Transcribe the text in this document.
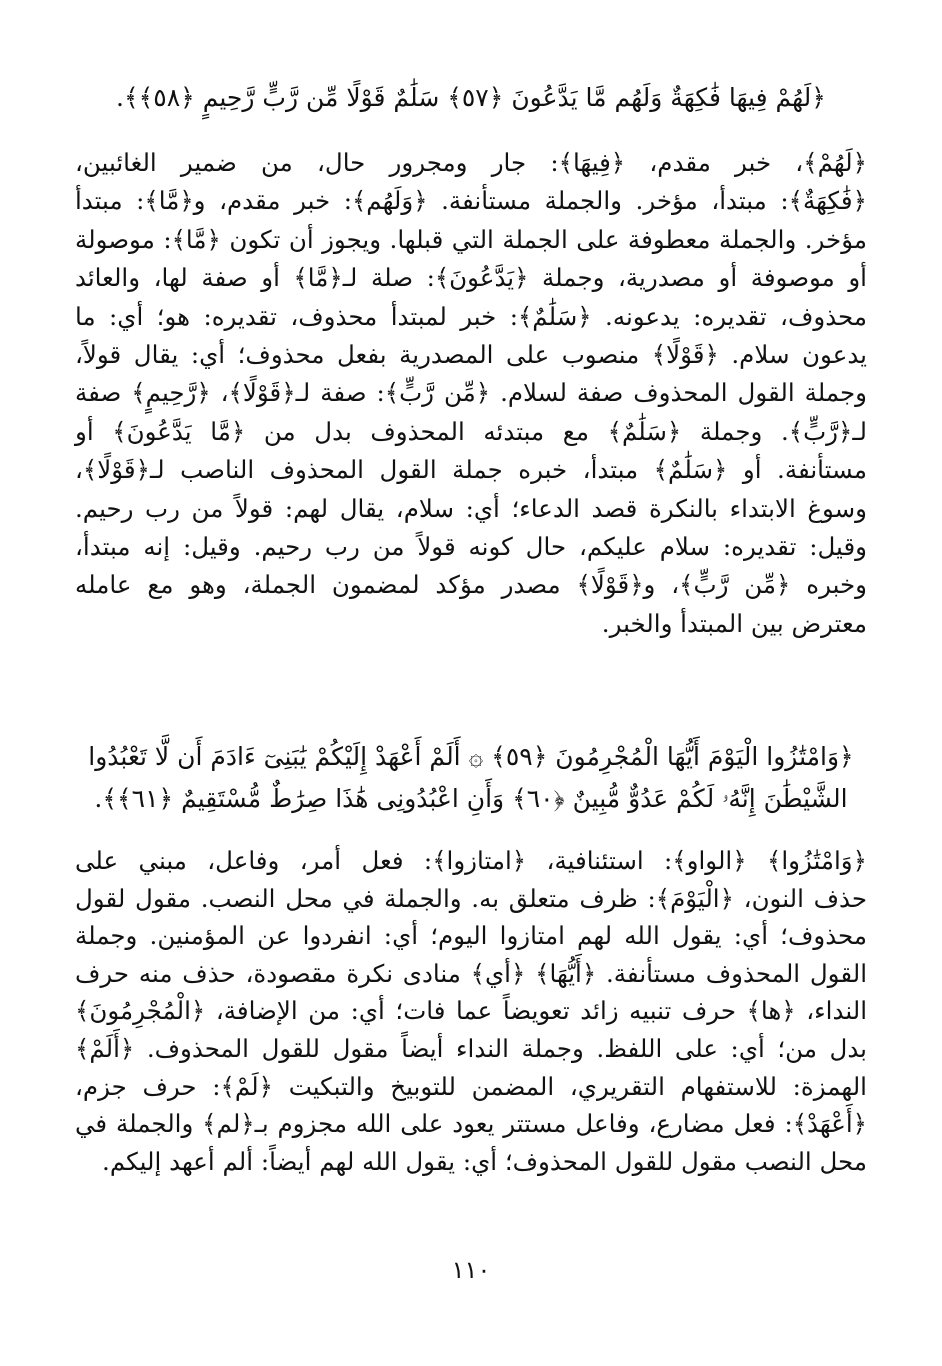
﴿لَهُمْ فِيهَا فَٰكِهَةٌ وَلَهُم مَّا يَدَّعُونَ ﴿٥٧﴾ سَلَٰمٌ قَوْلًا مِّن رَّبٍّ رَّحِيمٍ ﴿٥٨﴾﴾.
﴿لَهُمْ﴾، خبر مقدم، ﴿فِيهَا﴾: جار ومجرور حال، من ضمير الغائبين،
﴿فَٰكِهَةٌ﴾: مبتدأ، مؤخر. والجملة مستأنفة. ﴿وَلَهُم﴾: خبر مقدم، و﴿مَّا﴾: مبتدأ
مؤخر. والجملة معطوفة على الجملة التي قبلها. ويجوز أن تكون ﴿مَّا﴾: موصولة
أو موصوفة أو مصدرية، وجملة ﴿يَدَّعُونَ﴾: صلة لـ﴿مَّا﴾ أو صفة لها، والعائد
محذوف، تقديره: يدعونه. ﴿سَلَٰمٌ﴾: خبر لمبتدأ محذوف، تقديره: هو؛ أي: ما
يدعون سلام. ﴿قَوْلًا﴾ منصوب على المصدرية بفعل محذوف؛ أي: يقال قولاً،
وجملة القول المحذوف صفة لسلام. ﴿مِّن رَّبٍّ﴾: صفة لـ﴿قَوْلًا﴾، ﴿رَّحِيمٍ﴾ صفة
لـ﴿رَّبٍّ﴾. وجملة ﴿سَلَٰمٌ﴾ مع مبتدئه المحذوف بدل من ﴿مَّا يَدَّعُونَ﴾ أو
مستأنفة. أو ﴿سَلَٰمٌ﴾ مبتدأ، خبره جملة القول المحذوف الناصب لـ﴿قَوْلًا﴾،
وسوغ الابتداء بالنكرة قصد الدعاء؛ أي: سلام، يقال لهم: قولاً من رب رحيم.
وقيل: تقديره: سلام عليكم، حال كونه قولاً من رب رحيم. وقيل: إنه مبتدأ،
وخبره ﴿مِّن رَّبٍّ﴾، و﴿قَوْلًا﴾ مصدر مؤكد لمضمون الجملة، وهو مع عامله
معترض بين المبتدأ والخبر.
﴿وَامْتَٰزُوا الْيَوْمَ أَيُّهَا الْمُجْرِمُونَ ﴿٥٩﴾ ۞ أَلَمْ أَعْهَدْ إِلَيْكُمْ يَٰبَنِىٓ ءَادَمَ أَن لَّا تَعْبُدُوا
الشَّيْطَٰنَ إِنَّهُۥ لَكُمْ عَدُوٌّ مُّبِينٌ ﴿٦٠﴾ وَأَنِ اعْبُدُونِى هَٰذَا صِرَٰطٌ مُّسْتَقِيمٌ ﴿٦١﴾﴾.
﴿وَامْتَٰزُوا﴾ ﴿الواو﴾: استئنافية، ﴿امتازوا﴾: فعل أمر، وفاعل، مبني على
حذف النون، ﴿الْيَوْمَ﴾: ظرف متعلق به. والجملة في محل النصب. مقول لقول
محذوف؛ أي: يقول الله لهم امتازوا اليوم؛ أي: انفردوا عن المؤمنين. وجملة
القول المحذوف مستأنفة. ﴿أَيُّهَا﴾ ﴿أي﴾ منادى نكرة مقصودة، حذف منه حرف
النداء، ﴿ها﴾ حرف تنبيه زائد تعويضاً عما فات؛ أي: من الإضافة، ﴿الْمُجْرِمُونَ﴾
بدل من؛ أي: على اللفظ. وجملة النداء أيضاً مقول للقول المحذوف. ﴿أَلَمْ﴾
الهمزة: للاستفهام التقريري، المضمن للتوبيخ والتبكيت ﴿لَمْ﴾: حرف جزم،
﴿أَعْهَدْ﴾: فعل مضارع، وفاعل مستتر يعود على الله مجزوم بـ﴿لم﴾ والجملة في
محل النصب مقول للقول المحذوف؛ أي: يقول الله لهم أيضاً: ألم أعهد إليكم.
١١٠
